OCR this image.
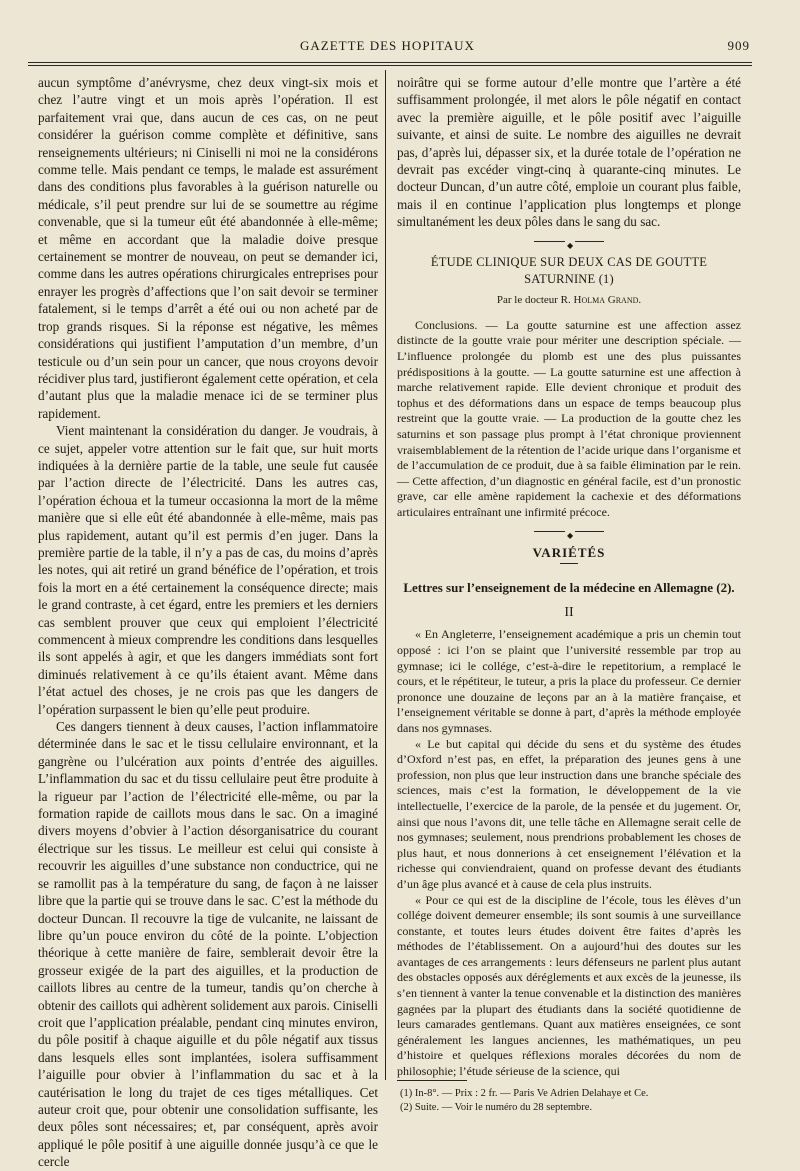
GAZETTE DES HOPITAUX	909

aucun symptôme d’anévrysme, chez deux vingt-six mois et chez l’autre vingt et un mois après l’opération. Il est parfaitement vrai que, dans aucun de ces cas, on ne peut considérer la guérison comme complète et définitive, sans renseignements ultérieurs; ni Ciniselli ni moi ne la considérons comme telle. Mais pendant ce temps, le malade est assurément dans des conditions plus favorables à la guérison naturelle ou médicale, s’il peut prendre sur lui de se soumettre au régime convenable, que si la tumeur eût été abandonnée à elle-même; et même en accordant que la maladie doive presque certainement se montrer de nouveau, on peut se demander ici, comme dans les autres opérations chirurgicales entreprises pour enrayer les progrès d’affections que l’on sait devoir se terminer fatalement, si le temps d’arrêt a été oui ou non acheté par de trop grands risques. Si la réponse est négative, les mêmes considérations qui justifient l’amputation d’un membre, d’un testicule ou d’un sein pour un cancer, que nous croyons devoir récidiver plus tard, justifieront également cette opération, et cela d’autant plus que la maladie menace ici de se terminer plus rapidement.

Vient maintenant la considération du danger. Je voudrais, à ce sujet, appeler votre attention sur le fait que, sur huit morts indiquées à la dernière partie de la table, une seule fut causée par l’action directe de l’électricité. Dans les autres cas, l’opération échoua et la tumeur occasionna la mort de la même manière que si elle eût été abandonnée à elle-même, mais pas plus rapidement, autant qu’il est permis d’en juger. Dans la première partie de la table, il n’y a pas de cas, du moins d’après les notes, qui ait retiré un grand bénéfice de l’opération, et trois fois la mort en a été certainement la conséquence directe; mais le grand contraste, à cet égard, entre les premiers et les derniers cas semblent prouver que ceux qui emploient l’électricité commencent à mieux comprendre les conditions dans lesquelles ils sont appelés à agir, et que les dangers immédiats sont fort diminués relativement à ce qu’ils étaient avant. Même dans l’état actuel des choses, je ne crois pas que les dangers de l’opération surpassent le bien qu’elle peut produire.

Ces dangers tiennent à deux causes, l’action inflammatoire déterminée dans le sac et le tissu cellulaire environnant, et la gangrène ou l’ulcération aux points d’entrée des aiguilles. L’inflammation du sac et du tissu cellulaire peut être produite à la rigueur par l’action de l’électricité elle-même, ou par la formation rapide de caillots mous dans le sac. On a imaginé divers moyens d’obvier à l’action désorganisatrice du courant électrique sur les tissus. Le meilleur est celui qui consiste à recouvrir les aiguilles d’une substance non conductrice, qui ne se ramollit pas à la température du sang, de façon à ne laisser libre que la partie qui se trouve dans le sac. C’est la méthode du docteur Duncan. Il recouvre la tige de vulcanite, ne laissant de libre qu’un pouce environ du côté de la pointe. L’objection théorique à cette manière de faire, semblerait devoir être la grosseur exigée de la part des aiguilles, et la production de caillots libres au centre de la tumeur, tandis qu’on cherche à obtenir des caillots qui adhèrent solidement aux parois. Ciniselli croit que l’application préalable, pendant cinq minutes environ, du pôle positif à chaque aiguille et du pôle négatif aux tissus dans lesquels elles sont implantées, isolera suffisamment l’aiguille pour obvier à l’inflammation du sac et à la cautérisation le long du trajet de ces tiges métalliques. Cet auteur croit que, pour obtenir une consolidation suffisante, les deux pôles sont nécessaires; et, par conséquent, après avoir appliqué le pôle positif à une aiguille donnée jusqu’à ce que le cercle

noirâtre qui se forme autour d’elle montre que l’artère a été suffisamment prolongée, il met alors le pôle négatif en contact avec la première aiguille, et le pôle positif avec l’aiguille suivante, et ainsi de suite. Le nombre des aiguilles ne devrait pas, d’après lui, dépasser six, et la durée totale de l’opération ne devrait pas excéder vingt-cinq à quarante-cinq minutes. Le docteur Duncan, d’un autre côté, emploie un courant plus faible, mais il en continue l’application plus longtemps et plonge simultanément les deux pôles dans le sang du sac.

◆
ÉTUDE CLINIQUE SUR DEUX CAS DE GOUTTE SATURNINE (1)
Par le docteur R. Holma Grand.

Conclusions. — La goutte saturnine est une affection assez distincte de la goutte vraie pour mériter une description spéciale. — L’influence prolongée du plomb est une des plus puissantes prédispositions à la goutte. — La goutte saturnine est une affection à marche relativement rapide. Elle devient chronique et produit des tophus et des déformations dans un espace de temps beaucoup plus restreint que la goutte vraie. — La production de la goutte chez les saturnins et son passage plus prompt à l’état chronique proviennent vraisemblablement de la rétention de l’acide urique dans l’organisme et de l’accumulation de ce produit, due à sa faible élimination par le rein. — Cette affection, d’un diagnostic en général facile, est d’un pronostic grave, car elle amène rapidement la cachexie et des déformations articulaires entraînant une infirmité précoce.

◆
VARIÉTÉS
Lettres sur l’enseignement de la médecine en Allemagne (2).
II

« En Angleterre, l’enseignement académique a pris un chemin tout opposé : ici l’on se plaint que l’université ressemble par trop au gymnase; ici le collége, c’est-à-dire le repetitorium, a remplacé le cours, et le répétiteur, le tuteur, a pris la place du professeur. Ce dernier prononce une douzaine de leçons par an à la matière française, et l’enseignement véritable se donne à part, d’après la méthode employée dans nos gymnases.

« Le but capital qui décide du sens et du système des études d’Oxford n’est pas, en effet, la préparation des jeunes gens à une profession, non plus que leur instruction dans une branche spéciale des sciences, mais c’est la formation, le développement de la vie intellectuelle, l’exercice de la parole, de la pensée et du jugement. Or, ainsi que nous l’avons dit, une telle tâche en Allemagne serait celle de nos gymnases; seulement, nous prendrions probablement les choses de plus haut, et nous donnerions à cet enseignement l’élévation et la richesse qui conviendraient, quand on professe devant des étudiants d’un âge plus avancé et à cause de cela plus instruits.

« Pour ce qui est de la discipline de l’école, tous les élèves d’un collége doivent demeurer ensemble; ils sont soumis à une surveillance constante, et toutes leurs études doivent être faites d’après les méthodes de l’établissement. On a aujourd’hui des doutes sur les avantages de ces arrangements : leurs défenseurs ne parlent plus autant des obstacles opposés aux déréglements et aux excès de la jeunesse, ils s’en tiennent à vanter la tenue convenable et la distinction des manières gagnées par la plupart des étudiants dans la société quotidienne de leurs camarades gentlemans. Quant aux matières enseignées, ce sont généralement les langues anciennes, les mathématiques, un peu d’histoire et quelques réflexions morales décorées du nom de philosophie; l’étude sérieuse de la science, qui

(1) In-8°. — Prix : 2 fr. — Paris Ve Adrien Delahaye et Ce.
(2) Suite. — Voir le numéro du 28 septembre.
